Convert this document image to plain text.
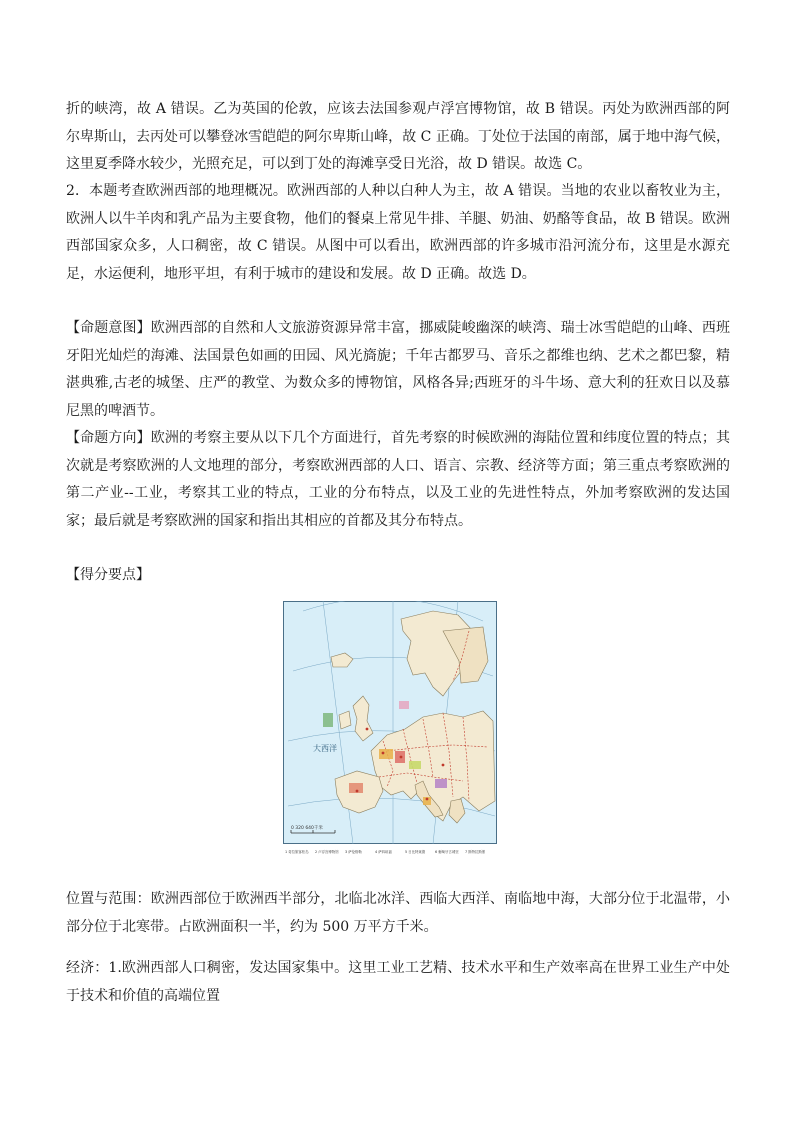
折的峡湾，故 A 错误。乙为英国的伦敦，应该去法国参观卢浮宫博物馆，故 B 错误。丙处为欧洲西部的阿尔卑斯山，去丙处可以攀登冰雪皑皑的阿尔卑斯山峰，故 C 正确。丁处位于法国的南部，属于地中海气候，这里夏季降水较少，光照充足，可以到丁处的海滩享受日光浴，故 D 错误。故选 C。

2．本题考查欧洲西部的地理概况。欧洲西部的人种以白种人为主，故 A 错误。当地的农业以畜牧业为主，欧洲人以牛羊肉和乳产品为主要食物，他们的餐桌上常见牛排、羊腿、奶油、奶酪等食品，故 B 错误。欧洲西部国家众多，人口稠密，故 C 错误。从图中可以看出，欧洲西部的许多城市沿河流分布，这里是水源充足，水运便利，地形平坦，有利于城市的建设和发展。故 D 正确。故选 D。

【命题意图】欧洲西部的自然和人文旅游资源异常丰富，挪威陡峻幽深的峡湾、瑞士冰雪皑皑的山峰、西班牙阳光灿烂的海滩、法国景色如画的田园、风光旖旎；千年古都罗马、音乐之都维也纳、艺术之都巴黎，精湛典雅,古老的城堡、庄严的教堂、为数众多的博物馆，风格各异;西班牙的斗牛场、意大利的狂欢日以及慕尼黑的啤酒节。

【命题方向】欧洲的考察主要从以下几个方面进行，首先考察的时候欧洲的海陆位置和纬度位置的特点；其次就是考察欧洲的人文地理的部分，考察欧洲西部的人口、语言、宗教、经济等方面；第三重点考察欧洲的第二产业--工业，考察其工业的特点，工业的分布特点，以及工业的先进性特点，外加考察欧洲的发达国家；最后就是考察欧洲的国家和指出其相应的首都及其分布特点。

【得分要点】

大西洋
0 320 640千米
1 奇拉旅客松岛 2 卢浮宫博物馆 3 萨伦格勒	4 萨四坦福	5 日比特莱德	6 葡萄牙古城坚 7 斯特拉斯堡

位置与范围：欧洲西部位于欧洲西半部分，北临北冰洋、西临大西洋、南临地中海，大部分位于北温带，小部分位于北寒带。占欧洲面积一半，约为 500 万平方千米。

经济：1.欧洲西部人口稠密，发达国家集中。这里工业工艺精、技术水平和生产效率高在世界工业生产中处于技术和价值的高端位置
